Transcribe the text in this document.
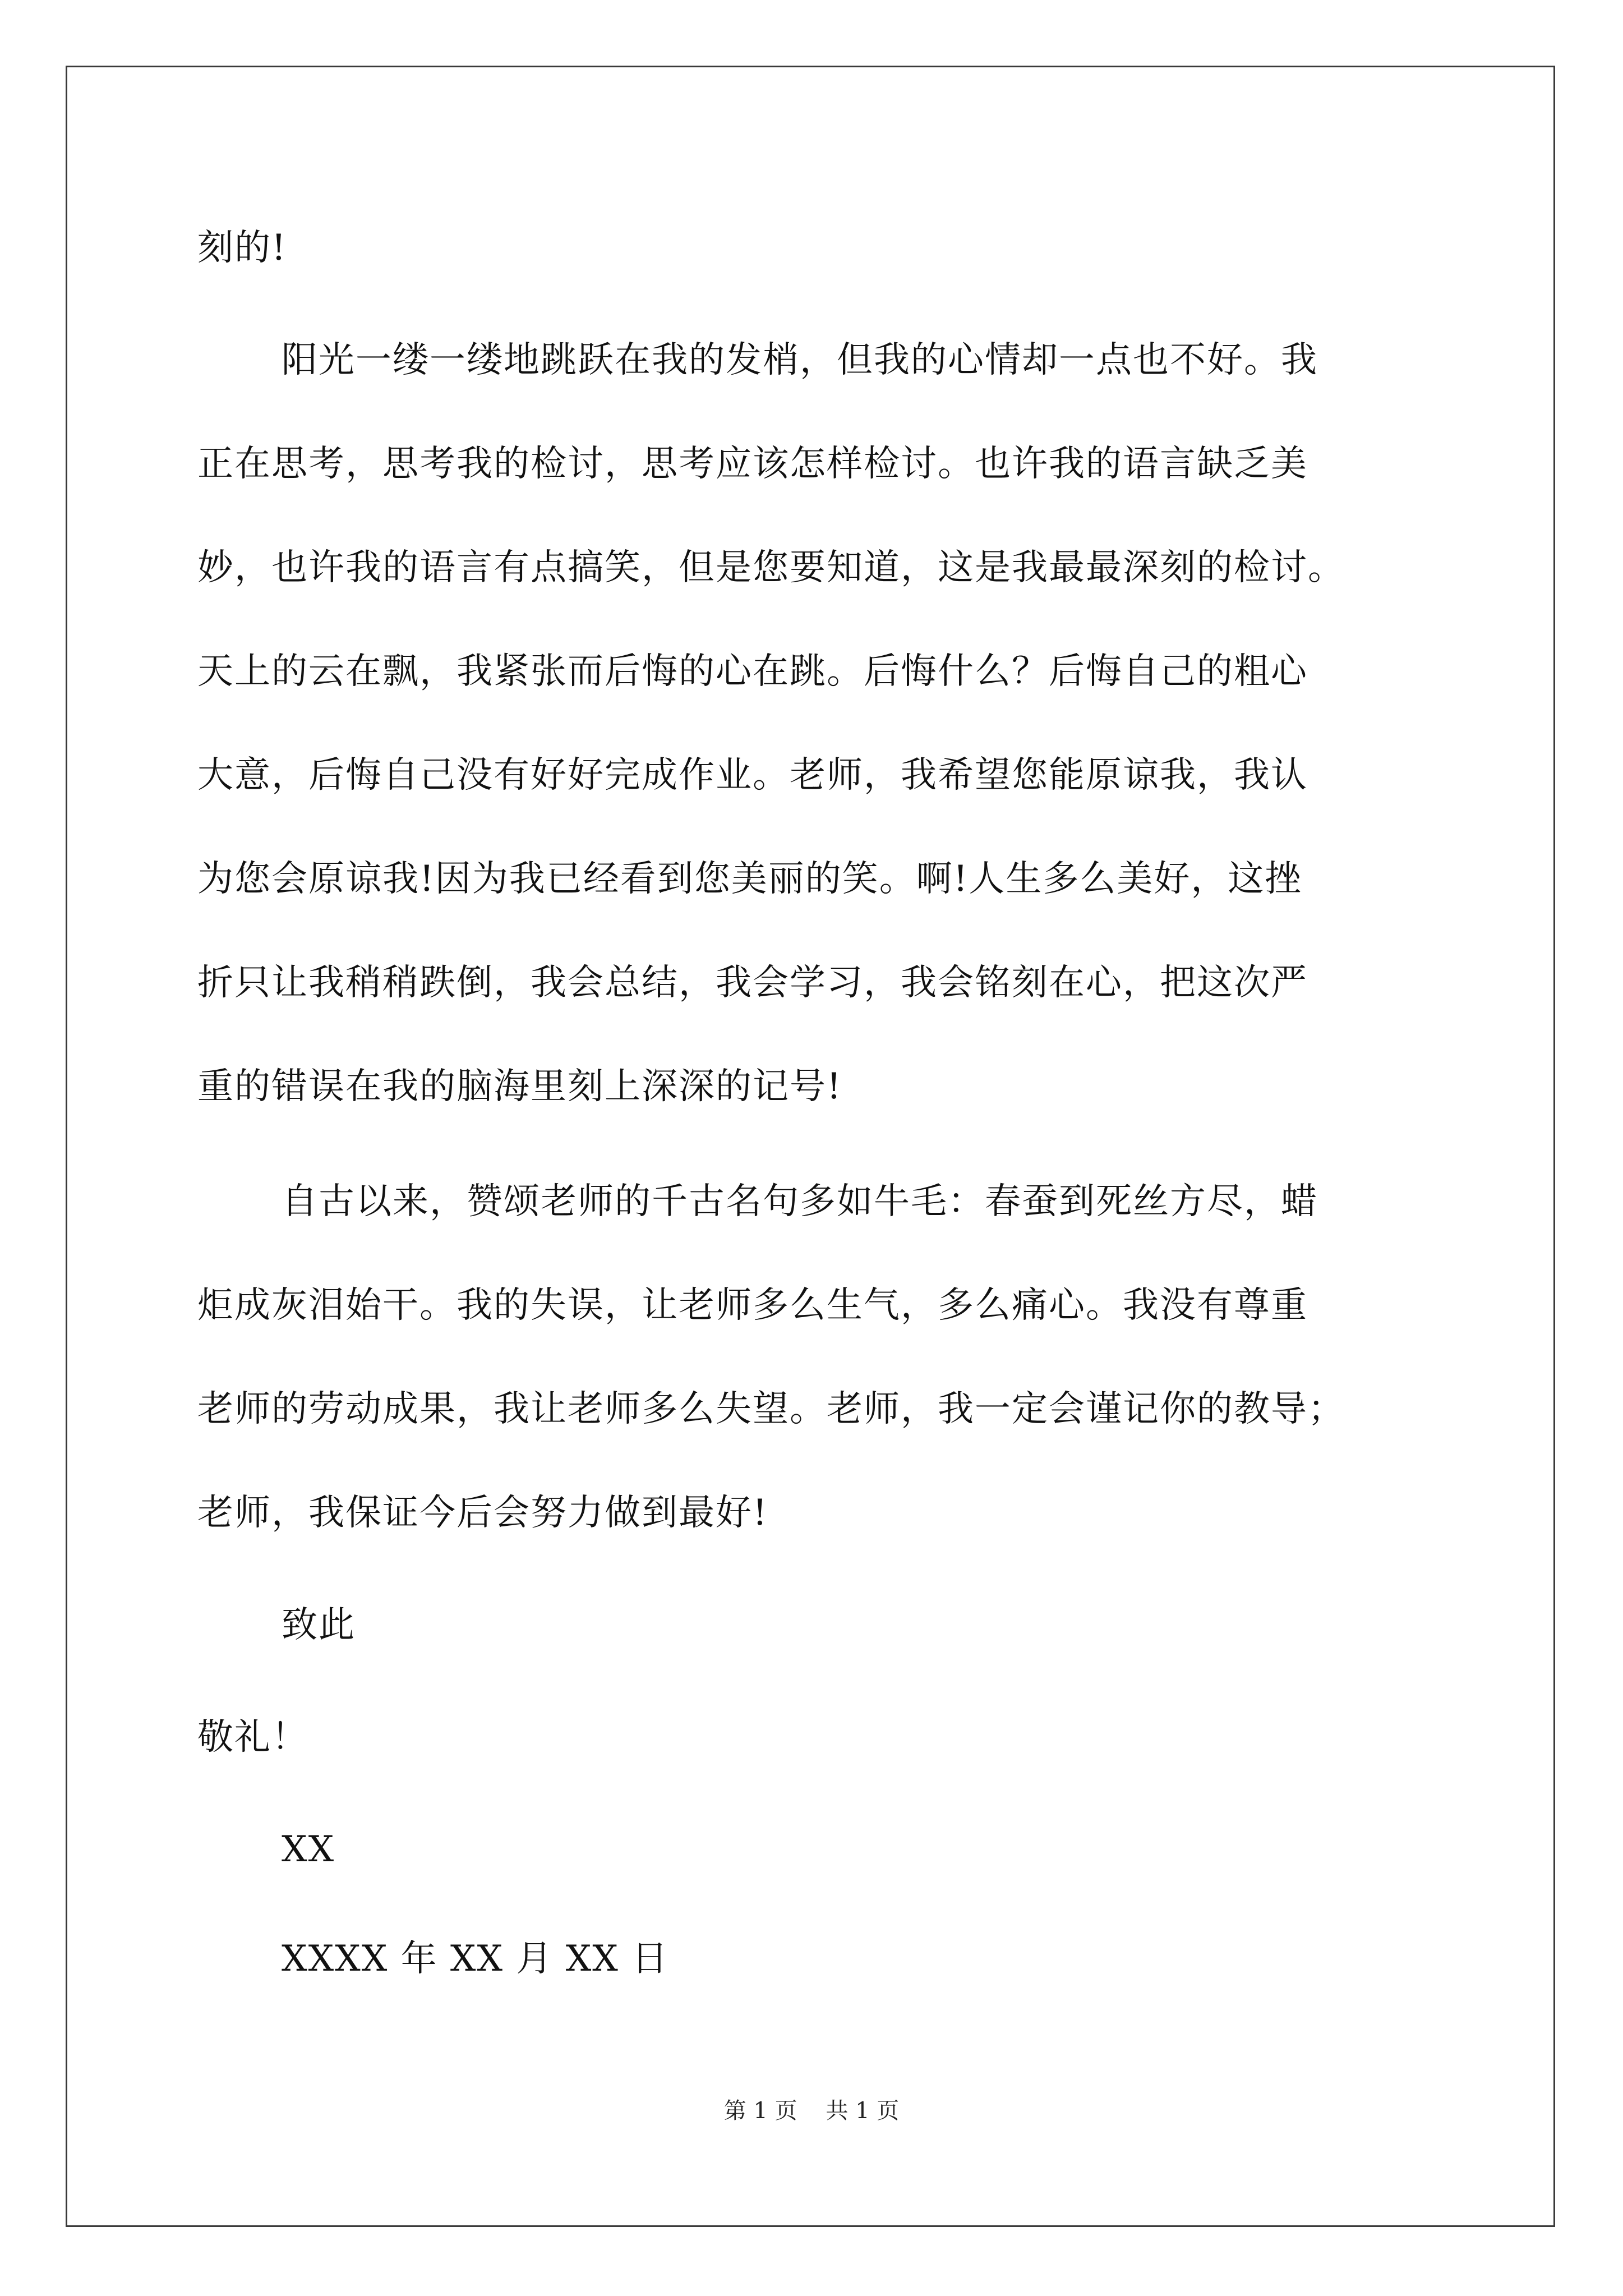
刻的!
阳光一缕一缕地跳跃在我的发梢，但我的心情却一点也不好。我
正在思考，思考我的检讨，思考应该怎样检讨。也许我的语言缺乏美
妙，也许我的语言有点搞笑，但是您要知道，这是我最最深刻的检讨。
天上的云在飘，我紧张而后悔的心在跳。后悔什么？后悔自己的粗心
大意，后悔自己没有好好完成作业。老师，我希望您能原谅我，我认
为您会原谅我!因为我已经看到您美丽的笑。啊!人生多么美好，这挫
折只让我稍稍跌倒，我会总结，我会学习，我会铭刻在心，把这次严
重的错误在我的脑海里刻上深深的记号!
自古以来，赞颂老师的千古名句多如牛毛：春蚕到死丝方尽，蜡
炬成灰泪始干。我的失误，让老师多么生气，多么痛心。我没有尊重
老师的劳动成果，我让老师多么失望。老师，我一定会谨记你的教导；
老师，我保证今后会努力做到最好!
致此
敬礼！
XX
XXXX 年 XX 月 XX 日
第 1 页    共 1 页
